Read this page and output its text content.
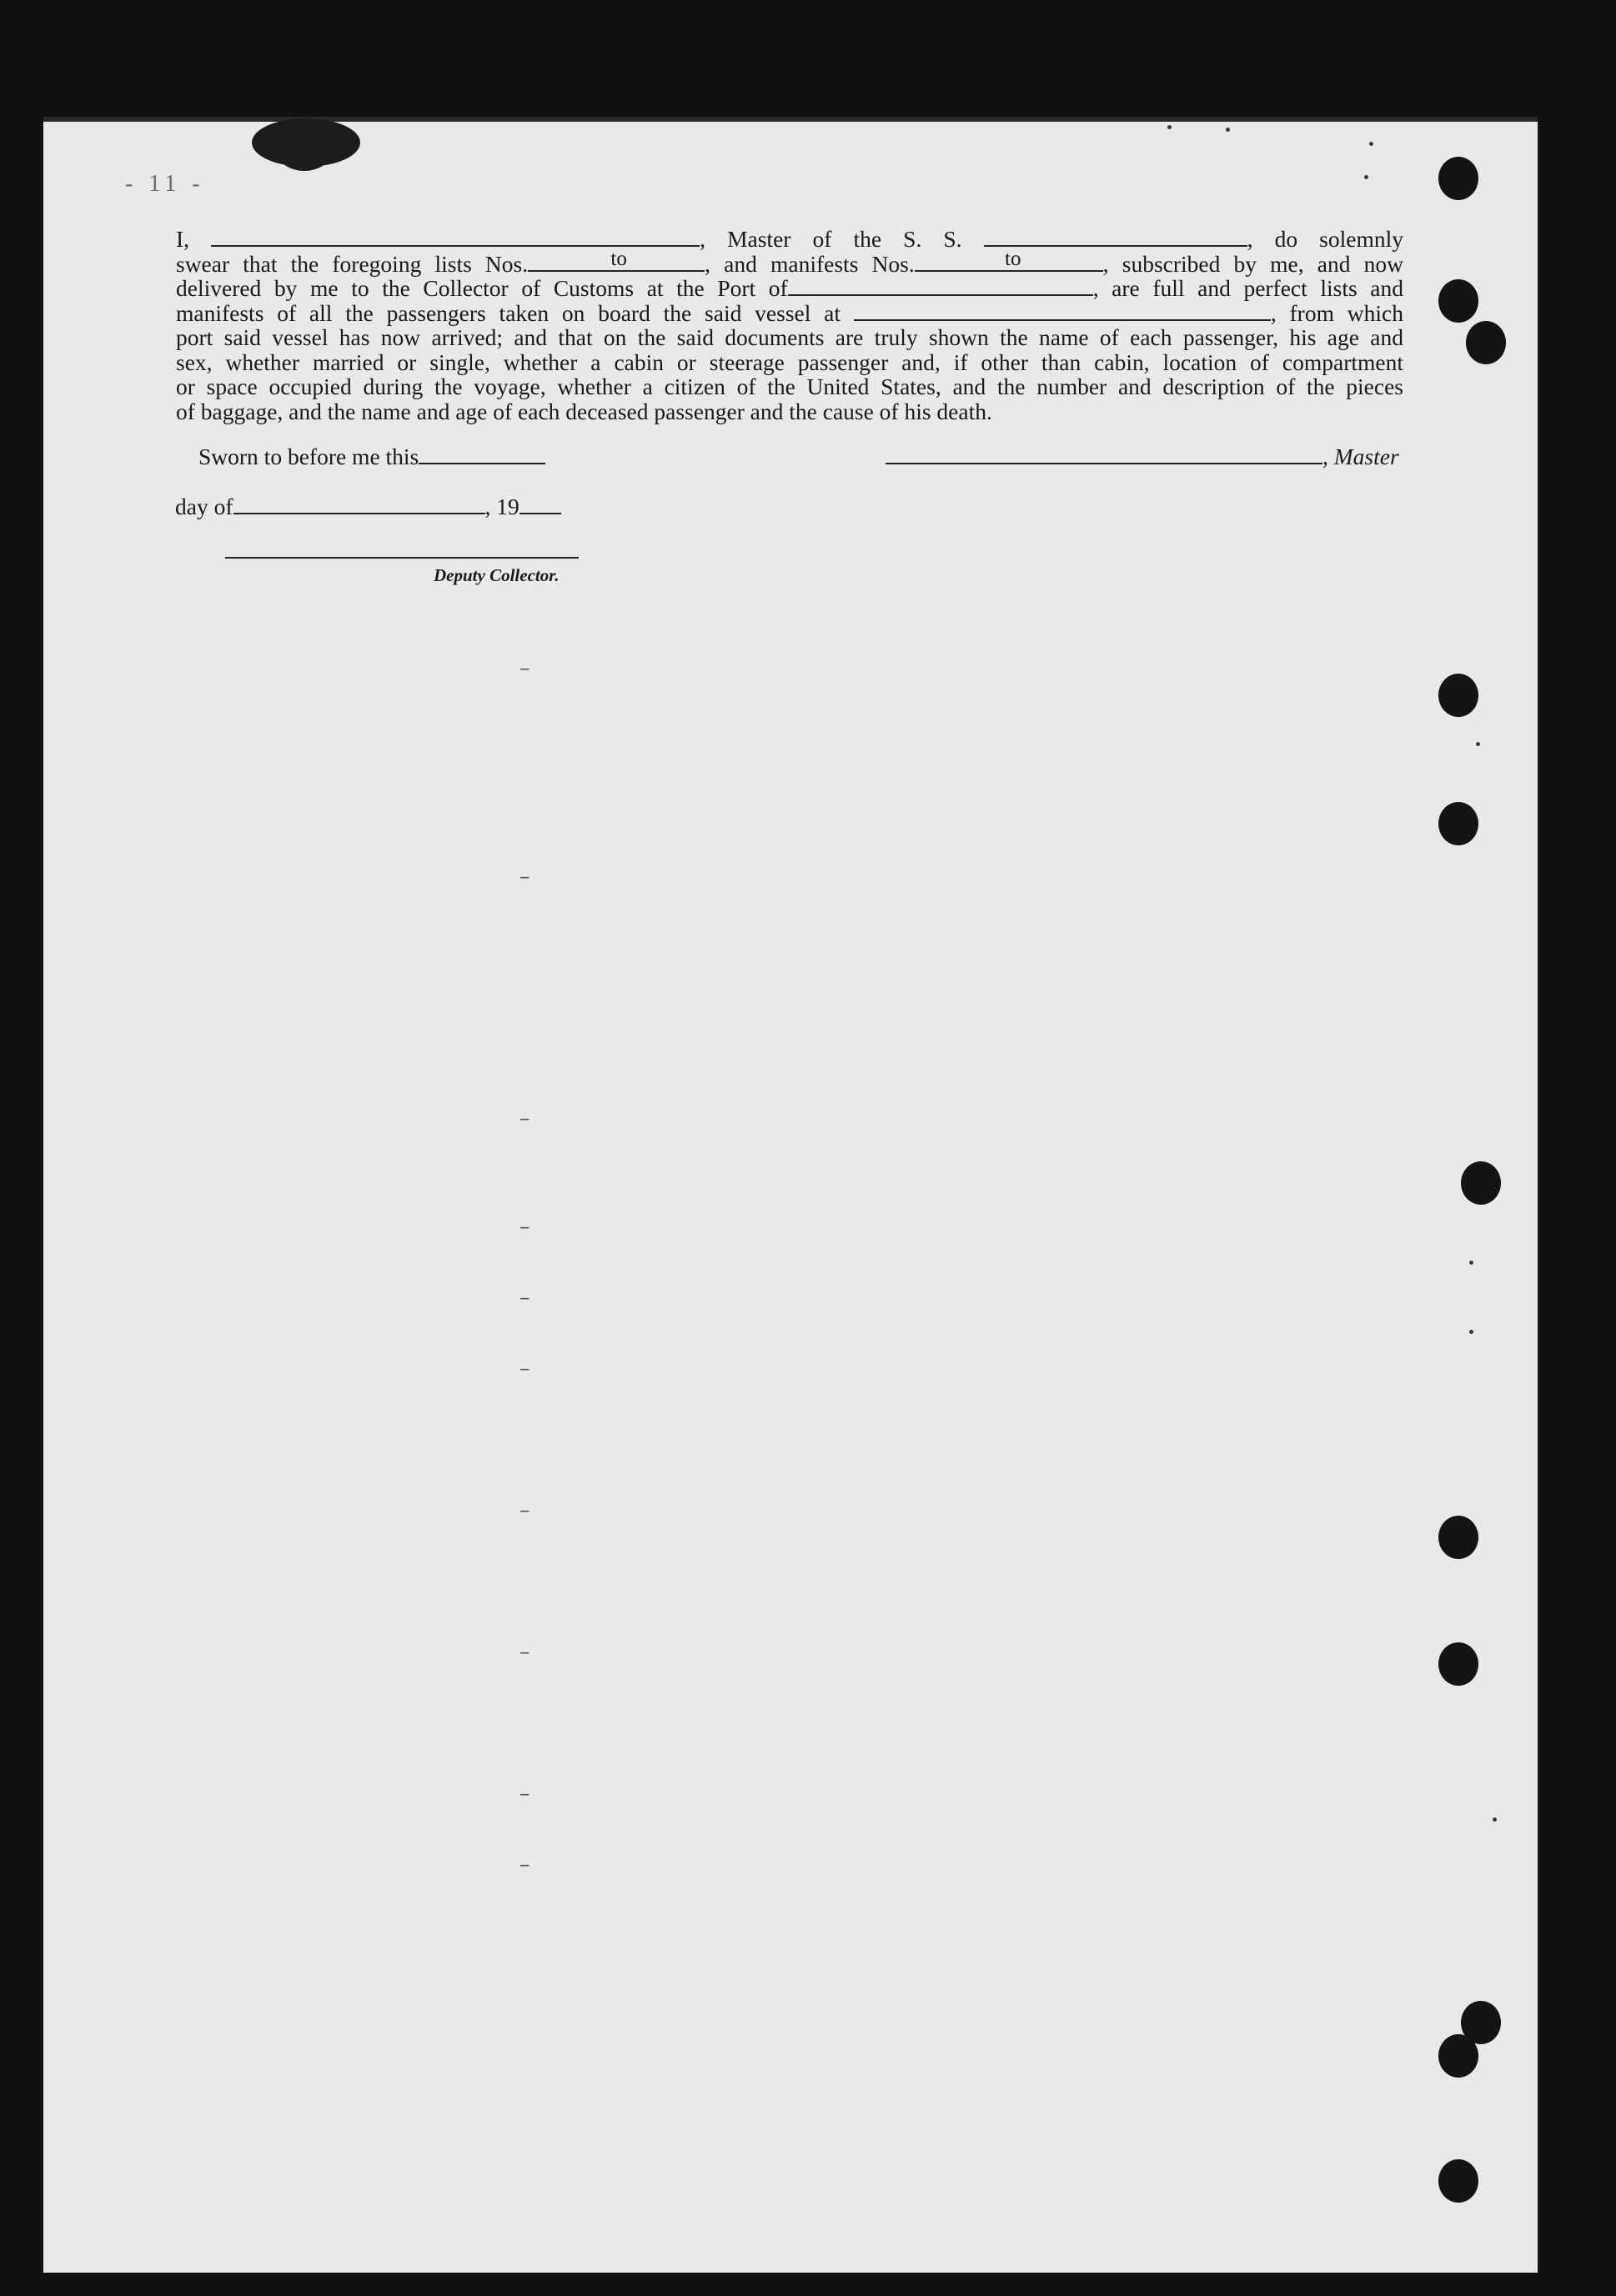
- 11 -
I,	, Master of the S. S.	, do solemnly
swear that the foregoing lists Nos.	to	, and manifests Nos.	to	, subscribed by me, and now
delivered by me to the Collector of Customs at the Port of	, are full and perfect lists and
manifests of all the passengers taken on board the said vessel at	, from which
port said vessel has now arrived; and that on the said documents are truly shown the name of each passenger, his age and
sex, whether married or single, whether a cabin or steerage passenger and, if other than cabin, location of compartment
or space occupied during the voyage, whether a citizen of the United States, and the number and description of the pieces
of baggage, and the name and age of each deceased passenger and the cause of his death.
Sworn to before me this	, Master
day of	, 19
Deputy Collector.
–
–
–
–
–
–
–
–
–
–
